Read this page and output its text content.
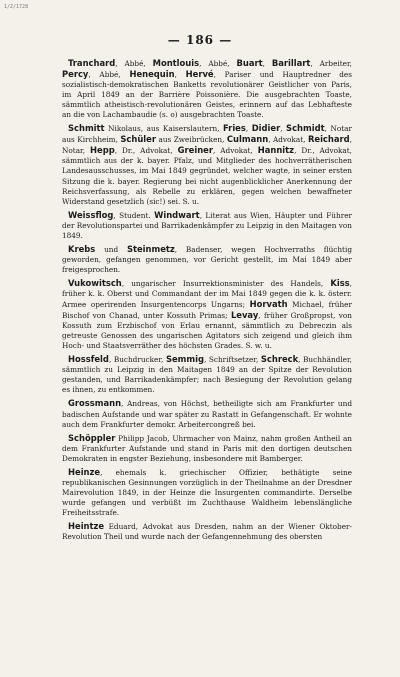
1/2/1728
— 186 —

Tranchard, Abbé, Montlouis, Abbé, Buart, Barillart, Arbeiter, Percy, Abbé, Henequin, Hervé, Pariser und Hauptredner des sozialistisch-demokratischen Banketts revolutionärer Geistlicher von Paris, im April 1849 an der Barrière Poissonière. Die ausgebrachten Toaste, sämmtlich atheistisch-revolutionären Geistes, erinnern auf das Lebhafteste an die von Lachambaudie (s. o) ausgebrachten Toaste.

Schmitt Nikolaus, aus Kaiserslautern, Fries, Didier, Schmidt, Notar aus Kirchheim, Schüler aus Zweibrücken, Culmann, Advokat, Reichard, Notar, Hepp, Dr., Advokat, Greiner, Advokat, Hannitz, Dr., Advokat, sämmtlich aus der k. bayer. Pfalz, und Mitglieder des hochverrätherischen Landesausschusses, im Mai 1849 gegründet, welcher wagte, in seiner ersten Sitzung die k. bayer. Regierung bei nicht augenblicklicher Anerkennung der Reichsverfassung, als Rebelle zu erklären, gegen welchen bewaffneter Widerstand gesetzlich (sic!) sei. S. u.

Weissflog, Student. Windwart, Literat aus Wien, Häupter und Führer der Revolutionspartei und Barrikadenkämpfer zu Leipzig in den Maitagen von 1849.

Krebs und Steinmetz, Badenser, wegen Hochverraths flüchtig geworden, gefangen genommen, vor Gericht gestellt, im Mai 1849 aber freigesprochen.

Vukowitsch, ungarischer Insurrektionsminister des Handels, Kiss, früher k. k. Oberst und Commandant der im Mai 1849 gegen die k. k. österr. Armee operirenden Insurgentencorps Ungarns; Horvath Michael, früher Bischof von Chanad, unter Kossuth Primas; Levay, früher Großpropst, von Kossuth zum Erzbischof von Erlau ernannt, sämmtlich zu Debreczin als getreuste Genossen des ungarischen Agitators sich zeigend und gleich ihm Hoch- und Staatsverräther des höchsten Grades. S. w. u.

Hossfeld, Buchdrucker, Semmig, Schriftsetzer, Schreck, Buchhändler, sämmtlich zu Leipzig in den Maitagen 1849 an der Spitze der Revolution gestanden, und Barrikadenkämpfer; nach Besiegung der Revolution gelang es ihnen, zu entkommen.

Grossmann, Andreas, von Höchst, betheiligte sich am Frankfurter und badischen Aufstande und war später zu Rastatt in Gefangenschaft. Er wohnte auch dem Frankfurter demokr. Arbeitercongreß bei.

Schöppler Philipp Jacob, Uhrmacher von Mainz, nahm großen Antheil an dem Frankfurter Aufstande und stand in Paris mit den dortigen deutschen Demokraten in engster Beziehung, insbesondere mit Bamberger.

Heinze, ehemals k. griechischer Offizier, bethätigte seine republikanischen Gesinnungen vorzüglich in der Theilnahme an der Dresdner Mairevolution 1849, in der Heinze die Insurgenten commandirte. Derselbe wurde gefangen und verbüßt im Zuchthause Waldheim lebenslängliche Freiheitsstrafe.

Heintze Eduard, Advokat aus Dresden, nahm an der Wiener Oktober-Revolution Theil und wurde nach der Gefangennehmung des obersten
